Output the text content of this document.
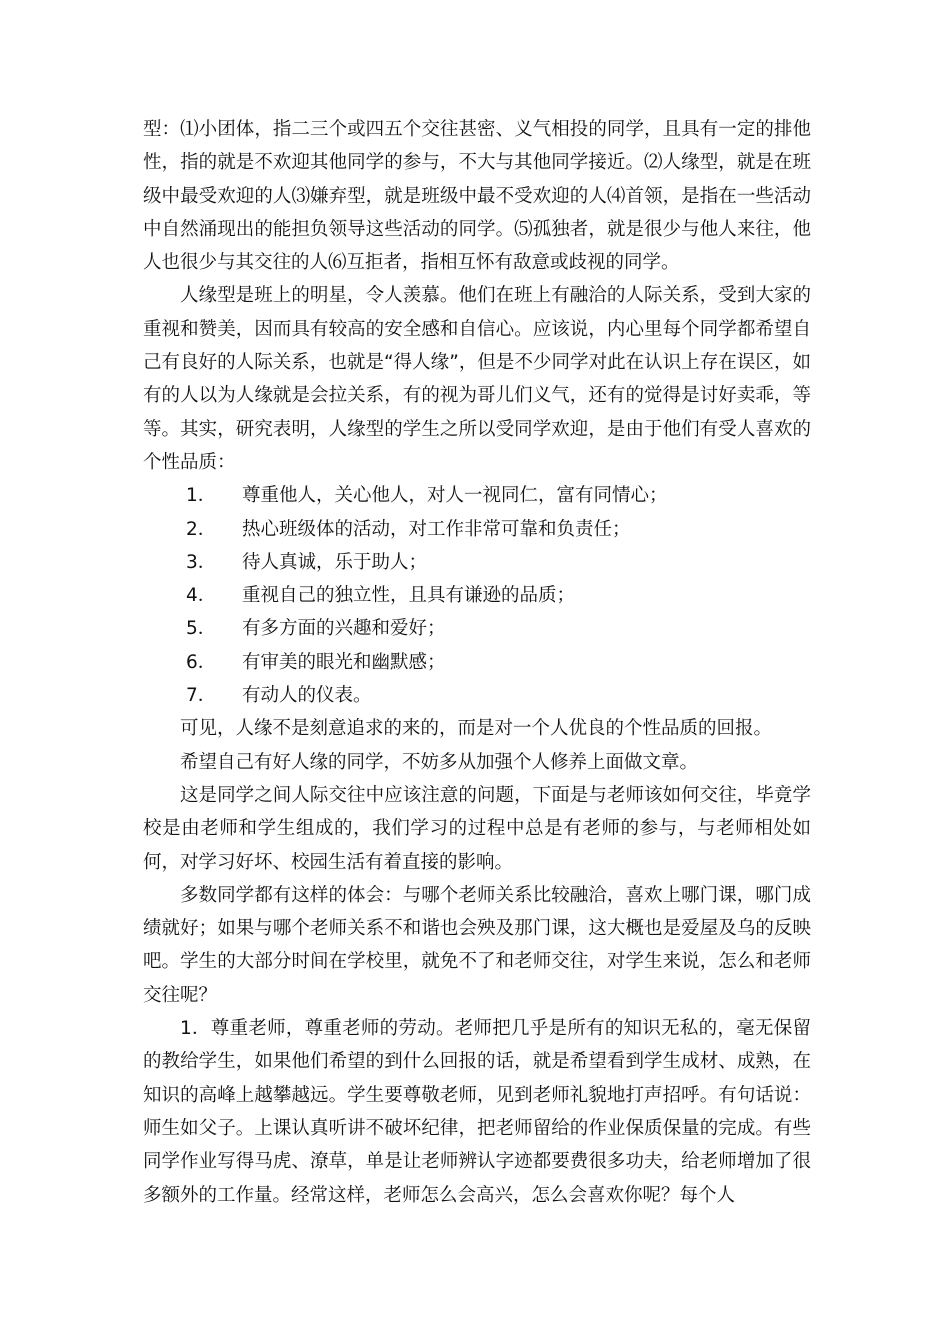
型：⑴小团体，指二三个或四五个交往甚密、义气相投的同学，且具有一定的排他性，指的就是不欢迎其他同学的参与，不大与其他同学接近。⑵人缘型，就是在班级中最受欢迎的人⑶嫌弃型，就是班级中最不受欢迎的人⑷首领，是指在一些活动中自然涌现出的能担负领导这些活动的同学。⑸孤独者，就是很少与他人来往，他人也很少与其交往的人⑹互拒者，指相互怀有敌意或歧视的同学。

人缘型是班上的明星，令人羡慕。他们在班上有融洽的人际关系，受到大家的重视和赞美，因而具有较高的安全感和自信心。应该说，内心里每个同学都希望自己有良好的人际关系，也就是“得人缘”，但是不少同学对此在认识上存在误区，如有的人以为人缘就是会拉关系，有的视为哥儿们义气，还有的觉得是讨好卖乖，等等。其实，研究表明，人缘型的学生之所以受同学欢迎，是由于他们有受人喜欢的个性品质：

1．	尊重他人，关心他人，对人一视同仁，富有同情心；
2．	热心班级体的活动，对工作非常可靠和负责任；
3．	待人真诚，乐于助人；
4．	重视自己的独立性，且具有谦逊的品质；
5．	有多方面的兴趣和爱好；
6．	有审美的眼光和幽默感；
7．	有动人的仪表。

可见，人缘不是刻意追求的来的，而是对一个人优良的个性品质的回报。

希望自己有好人缘的同学，不妨多从加强个人修养上面做文章。

这是同学之间人际交往中应该注意的问题，下面是与老师该如何交往，毕竟学校是由老师和学生组成的，我们学习的过程中总是有老师的参与，与老师相处如何，对学习好坏、校园生活有着直接的影响。

多数同学都有这样的体会：与哪个老师关系比较融洽，喜欢上哪门课，哪门成绩就好；如果与哪个老师关系不和谐也会殃及那门课，这大概也是爱屋及乌的反映吧。学生的大部分时间在学校里，就免不了和老师交往，对学生来说，怎么和老师交往呢？

1．尊重老师，尊重老师的劳动。老师把几乎是所有的知识无私的，毫无保留的教给学生，如果他们希望的到什么回报的话，就是希望看到学生成材、成熟，在知识的高峰上越攀越远。学生要尊敬老师，见到老师礼貌地打声招呼。有句话说：师生如父子。上课认真听讲不破坏纪律，把老师留给的作业保质保量的完成。有些同学作业写得马虎、潦草，单是让老师辨认字迹都要费很多功夫，给老师增加了很多额外的工作量。经常这样，老师怎么会高兴，怎么会喜欢你呢？每个人
